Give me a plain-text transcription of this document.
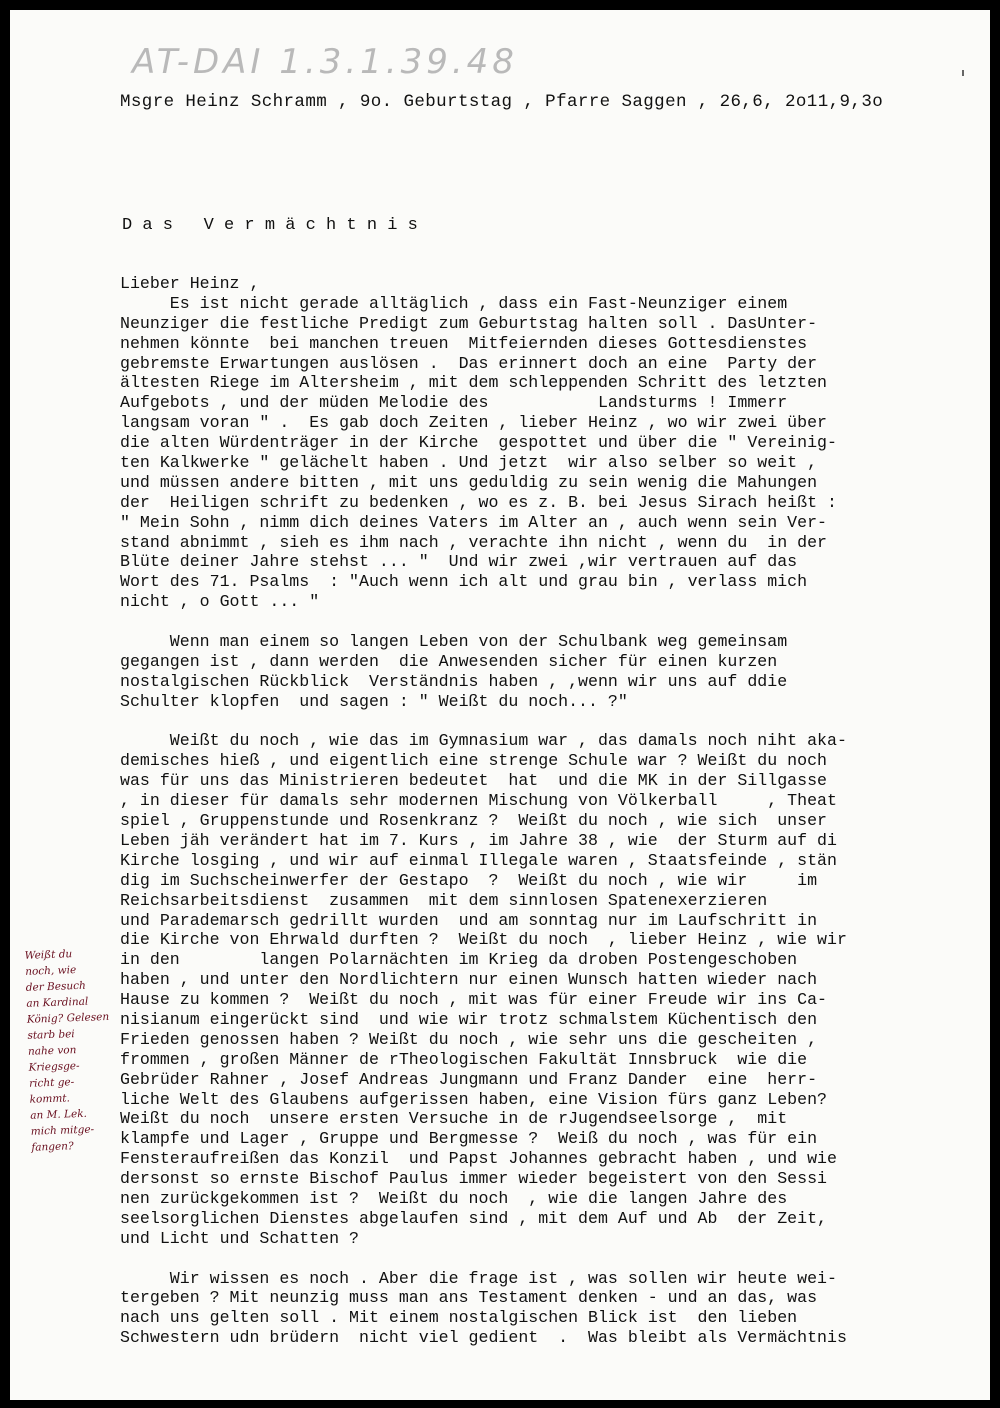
AT-DAI 1.3.1.39.48
Msgre Heinz Schramm , 9o. Geburtstag , Pfarre Saggen , 26,6, 2o11,9,3o
D a s   V e r m ä c h t n i s
Lieber Heinz ,
Es ist nicht gerade alltäglich , dass ein Fast-Neunziger einem
Neunziger die festliche Predigt zum Geburtstag halten soll . DasUnter-
nehmen könnte  bei manchen treuen  Mitfeiernden dieses Gottesdienstes
gebremste Erwartungen auslösen .  Das erinnert doch an eine  Party der
ältesten Riege im Altersheim , mit dem schleppenden Schritt des letzten
Aufgebots , und der müden Melodie des           Landsturms ! Immerr
langsam voran " .  Es gab doch Zeiten , lieber Heinz , wo wir zwei über
die alten Würdenträger in der Kirche  gespottet und über die " Vereinig-
ten Kalkwerke " gelächelt haben . Und jetzt  wir also selber so weit ,
und müssen andere bitten , mit uns geduldig zu sein wenig die Mahungen
der  Heiligen schrift zu bedenken , wo es z. B. bei Jesus Sirach heißt :
" Mein Sohn , nimm dich deines Vaters im Alter an , auch wenn sein Ver-
stand abnimmt , sieh es ihm nach , verachte ihn nicht , wenn du  in der
Blüte deiner Jahre stehst ... "  Und wir zwei ,wir vertrauen auf das
Wort des 71. Psalms  : "Auch wenn ich alt und grau bin , verlass mich
nicht , o Gott ... "
Wenn man einem so langen Leben von der Schulbank weg gemeinsam
gegangen ist , dann werden  die Anwesenden sicher für einen kurzen
nostalgischen Rückblick  Verständnis haben , ,wenn wir uns auf ddie
Schulter klopfen  und sagen : " Weißt du noch... ?"
Weißt du noch , wie das im Gymnasium war , das damals noch niht aka-
demisches hieß , und eigentlich eine strenge Schule war ? Weißt du noch
was für uns das Ministrieren bedeutet  hat  und die MK in der Sillgasse
, in dieser für damals sehr modernen Mischung von Völkerball     , Theat
spiel , Gruppenstunde und Rosenkranz ?  Weißt du noch , wie sich  unser
Leben jäh verändert hat im 7. Kurs , im Jahre 38 , wie  der Sturm auf di
Kirche losging , und wir auf einmal Illegale waren , Staatsfeinde , stän
dig im Suchscheinwerfer der Gestapo  ?  Weißt du noch , wie wir     im
Reichsarbeitsdienst  zusammen  mit dem sinnlosen Spatenexerzieren
und Parademarsch gedrillt wurden  und am sonntag nur im Laufschritt in
die Kirche von Ehrwald durften ?  Weißt du noch  , lieber Heinz , wie wir
in den        langen Polarnächten im Krieg da droben Postengeschoben
haben , und unter den Nordlichtern nur einen Wunsch hatten wieder nach
Hause zu kommen ?  Weißt du noch , mit was für einer Freude wir ins Ca-
nisianum eingerückt sind  und wie wir trotz schmalstem Küchentisch den
Frieden genossen haben ? Weißt du noch , wie sehr uns die gescheiten ,
frommen , großen Männer de rTheologischen Fakultät Innsbruck  wie die
Gebrüder Rahner , Josef Andreas Jungmann und Franz Dander  eine  herr-
liche Welt des Glaubens aufgerissen haben, eine Vision fürs ganz Leben?
Weißt du noch  unsere ersten Versuche in de rJugendseelsorge ,  mit
klampfe und Lager , Gruppe und Bergmesse ?  Weiß du noch , was für ein
Fensteraufreißen das Konzil  und Papst Johannes gebracht haben , und wie
dersonst so ernste Bischof Paulus immer wieder begeistert von den Sessi
nen zurückgekommen ist ?  Weißt du noch  , wie die langen Jahre des
seelsorglichen Dienstes abgelaufen sind , mit dem Auf und Ab  der Zeit,
und Licht und Schatten ?
Wir wissen es noch . Aber die frage ist , was sollen wir heute wei-
tergeben ? Mit neunzig muss man ans Testament denken - und an das, was
nach uns gelten soll . Mit einem nostalgischen Blick ist  den lieben
Schwestern udn brüdern  nicht viel gedient  .  Was bleibt als Vermächtnis
Weißt du
noch, wie
der Besuch
an Kardinal
König? Gelesen
starb bei
nahe von
Kriegsge-
richt ge-
kommt.
an M. Lek.
mich mitge-
fangen?
